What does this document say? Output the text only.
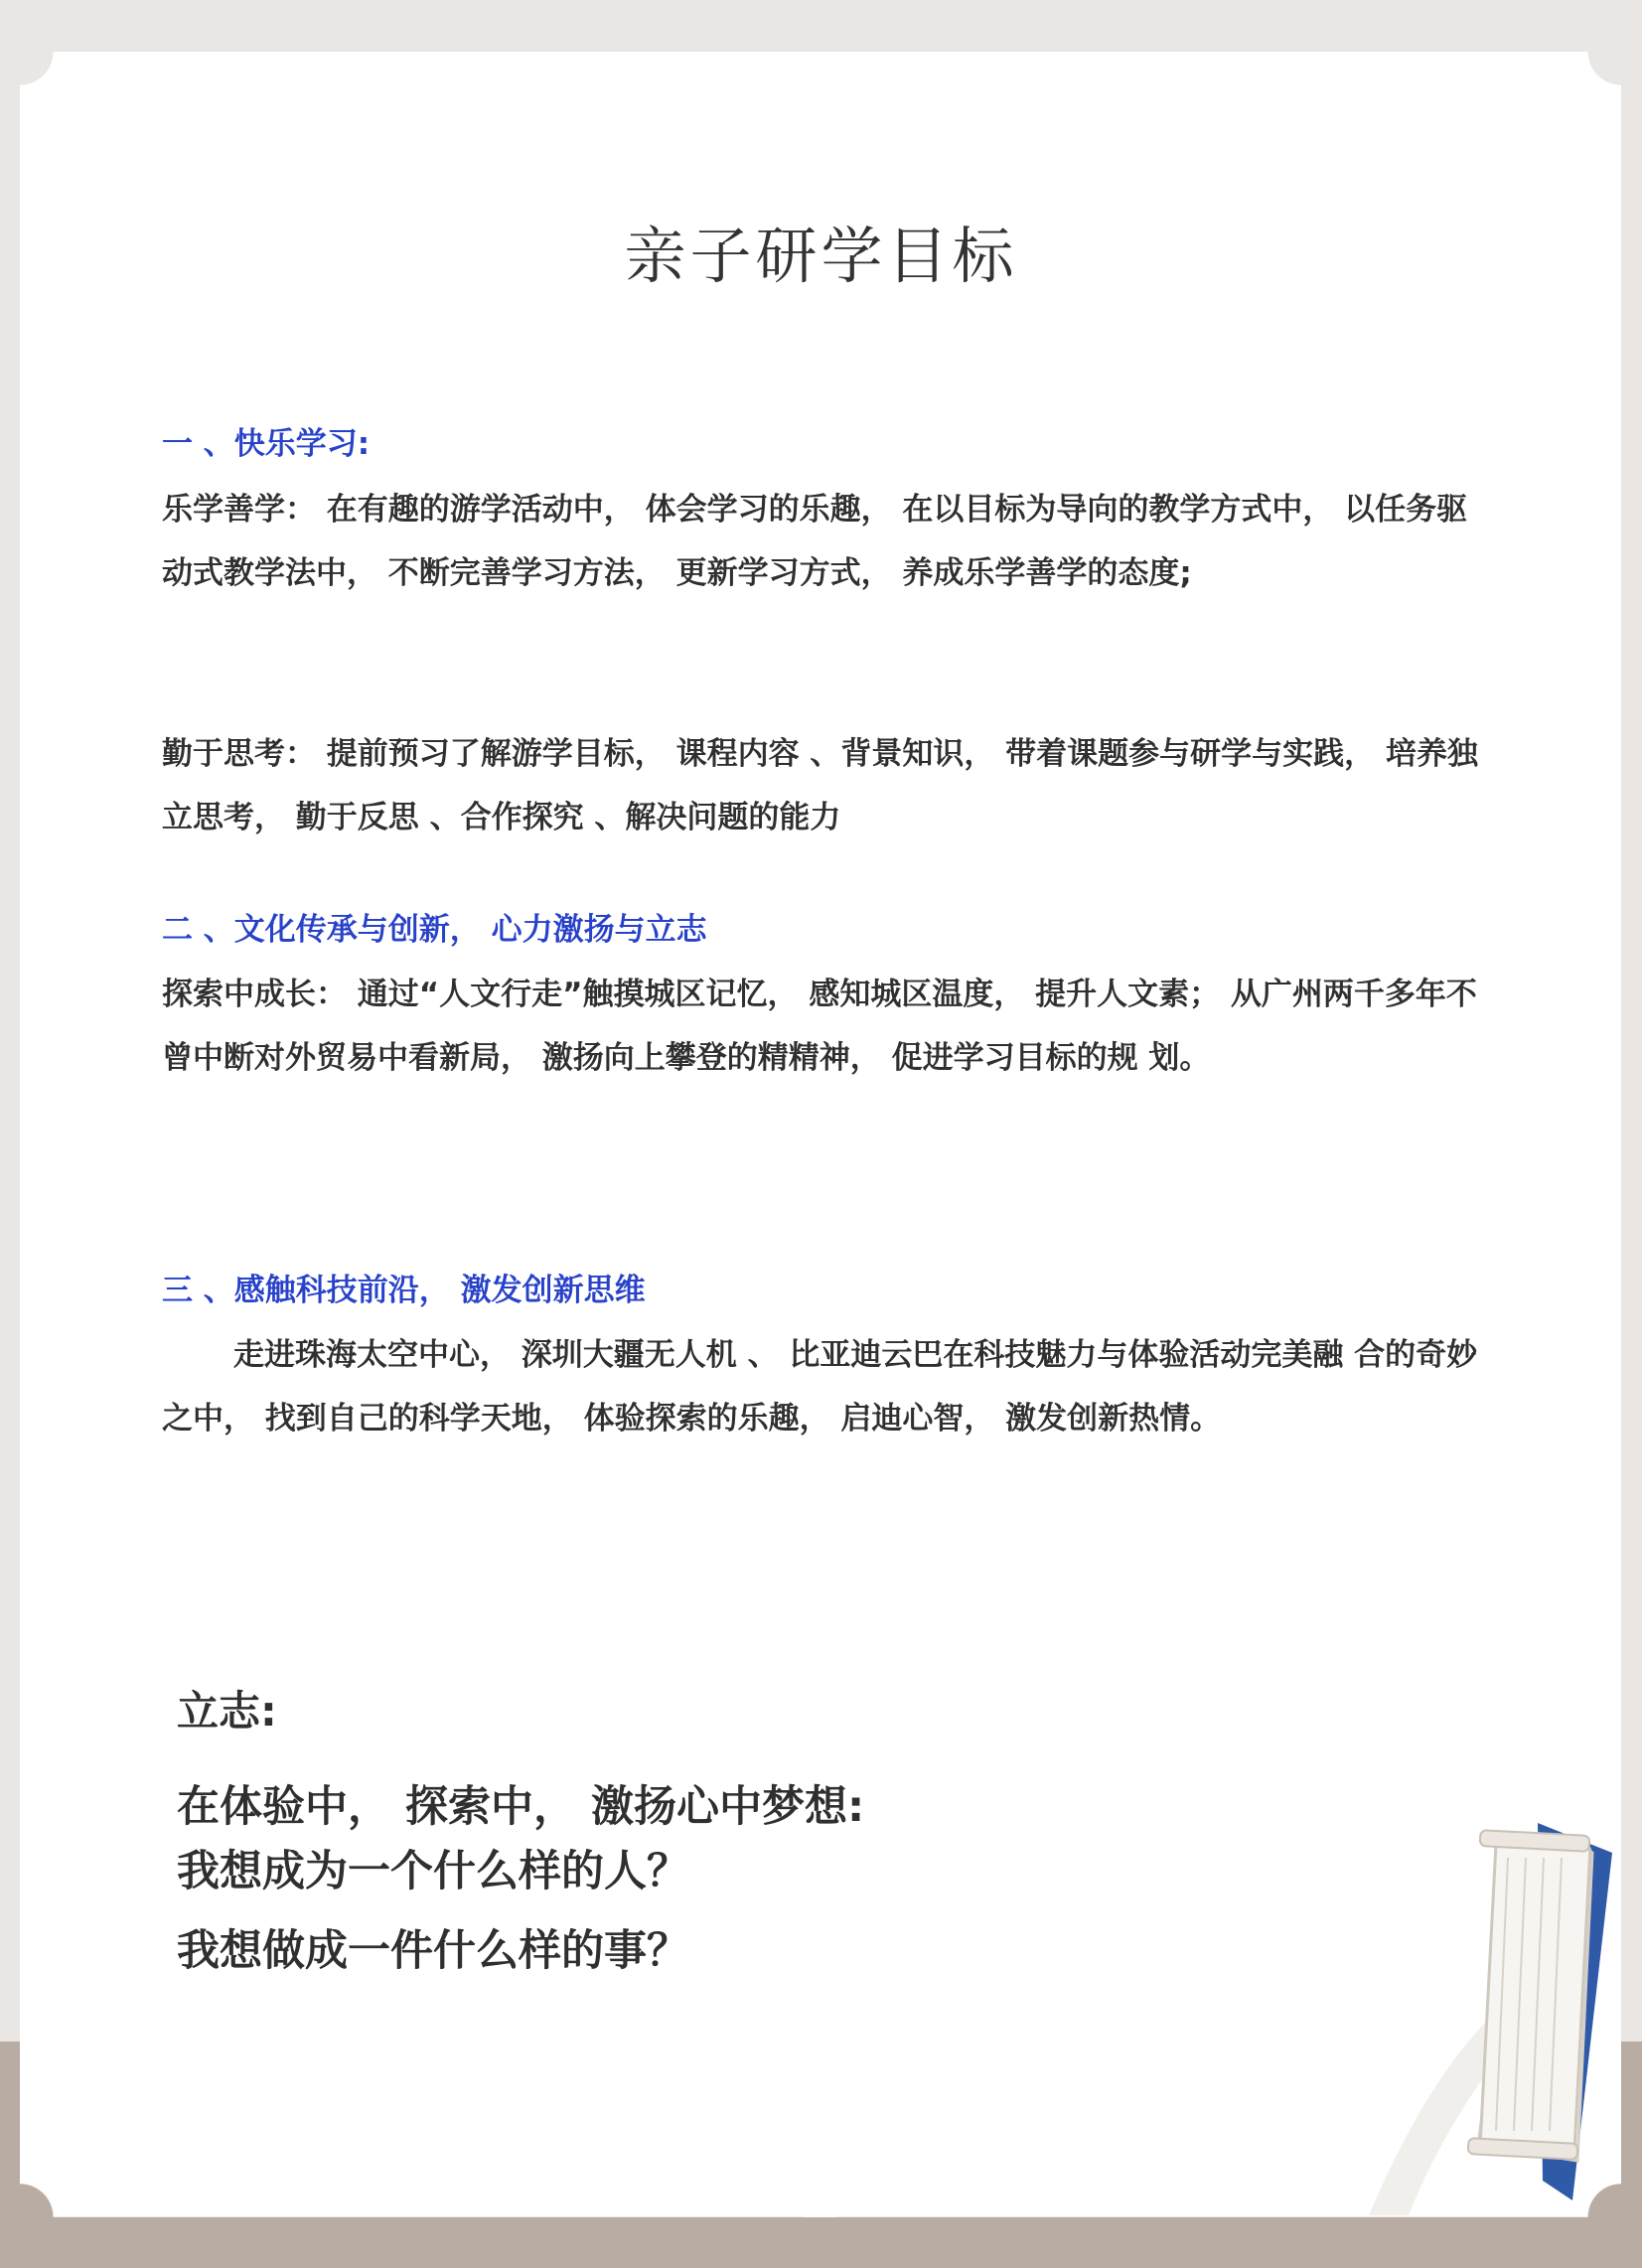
亲子研学目标
一 、快乐学习:

乐学善学： 在有趣的游学活动中， 体会学习的乐趣， 在以目标为导向的教学方式中， 以任务驱动式教学法中， 不断完善学习方法， 更新学习方式， 养成乐学善学的态度;

勤于思考： 提前预习了解游学目标， 课程内容 、背景知识， 带着课题参与研学与实践， 培养独立思考， 勤于反思 、合作探究 、解决问题的能力

二 、文化传承与创新， 心力激扬与立志

探索中成长： 通过“人文行走”触摸城区记忆， 感知城区温度， 提升人文素； 从广州两千多年不曾中断对外贸易中看新局， 激扬向上攀登的精精神， 促进学习目标的规 划。

三 、感触科技前沿， 激发创新思维

走进珠海太空中心， 深圳大疆无人机 、 比亚迪云巴在科技魅力与体验活动完美融 合的奇妙之中， 找到自己的科学天地， 体验探索的乐趣， 启迪心智， 激发创新热情。

立志:
在体验中， 探索中， 激扬心中梦想:
我想成为一个什么样的人？
我想做成一件什么样的事？
